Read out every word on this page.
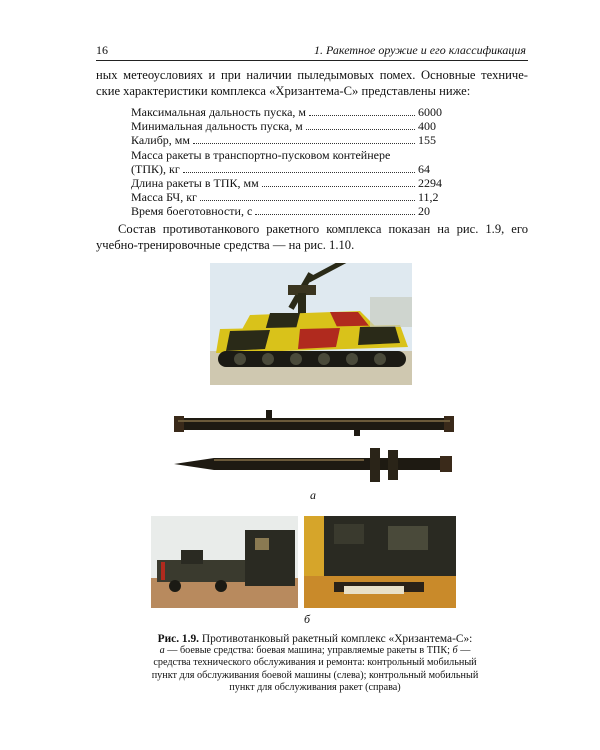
16	1. Ракетное оружие и его классификация

ных метеоусловиях и при наличии пыледымовых помех. Основные техниче-ские характеристики комплекса «Хризантема-С» представлены ниже:

Максимальная дальность пуска, м	6000
Минимальная дальность пуска, м	400
Калибр, мм	155
Масса ракеты в транспортно-пусковом контейнере
(ТПК), кг	64
Длина ракеты в ТПК, мм	2294
Масса БЧ, кг	11,2
Время боеготовности, с	20

Состав противотанкового ракетного комплекса показан на рис. 1.9, его учебно-тренировочные средства — на рис. 1.10.

а
б
Рис. 1.9. Противотанковый ракетный комплекс «Хризантема-С»:
а — боевые средства: боевая машина; управляемые ракеты в ТПК; б — средства технического обслуживания и ремонта: контрольный мобильный пункт для обслуживания боевой машины (слева); контрольный мобильный пункт для обслуживания ракет (справа)
